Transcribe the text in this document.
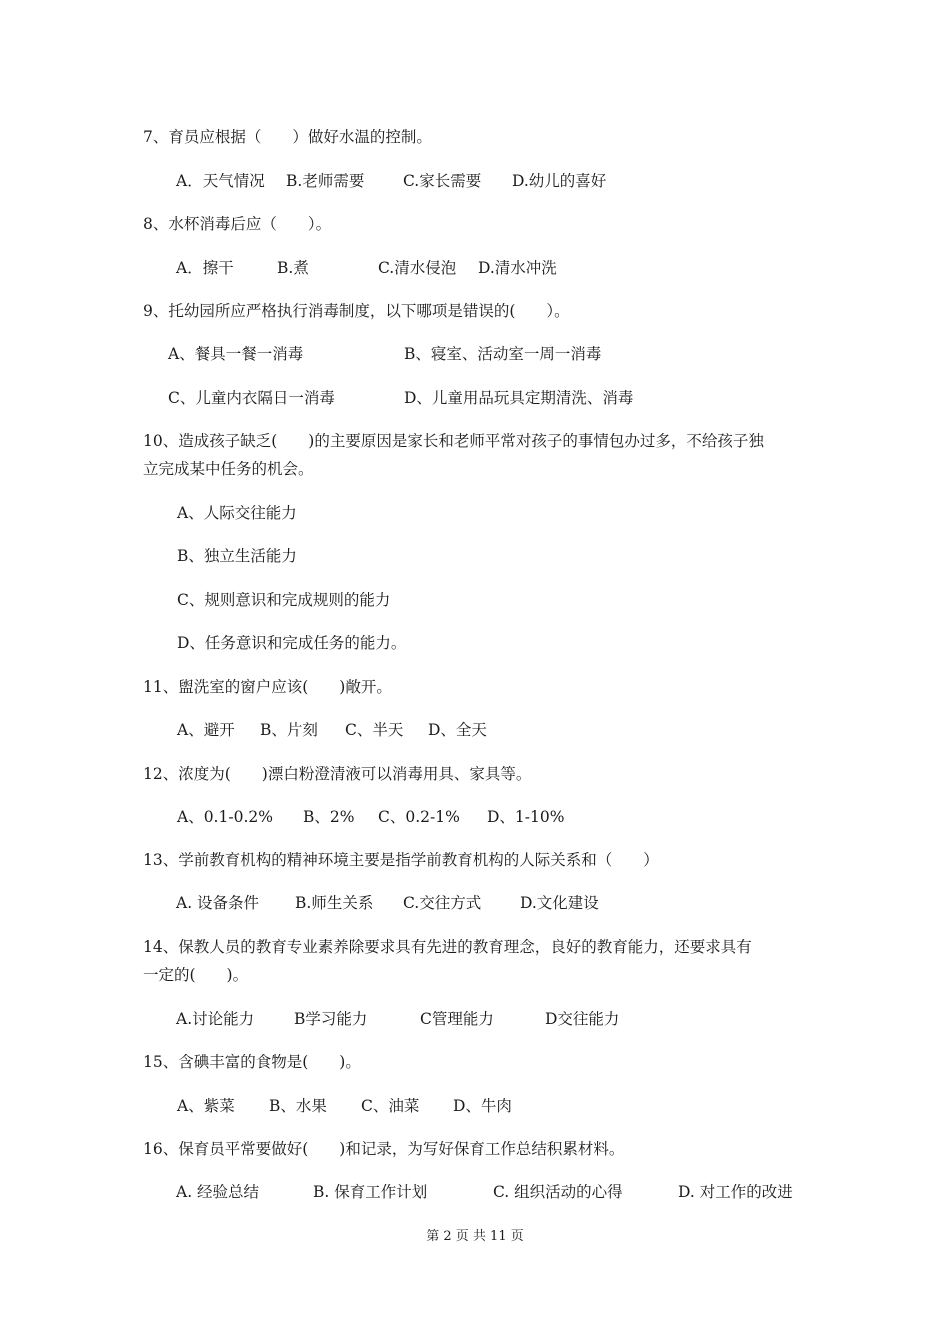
7、育员应根据（　　）做好水温的控制。
A．天气情况 B.老师需要 C.家长需要 D.幼儿的喜好
8、水杯消毒后应（　　）。
A．擦干	B.煮	C.清水侵泡 D.清水冲洗
9、托幼园所应严格执行消毒制度，以下哪项是错误的(　　）。
A、餐具一餐一消毒	B、寝室、活动室一周一消毒
C、儿童内衣隔日一消毒	D、儿童用品玩具定期清洗、消毒
10、造成孩子缺乏(　　)的主要原因是家长和老师平常对孩子的事情包办过多，不给孩子独
立完成某中任务的机会。
A、人际交往能力
B、独立生活能力
C、规则意识和完成规则的能力
D、任务意识和完成任务的能力。
11、盥洗室的窗户应该(　　)敞开。
A、避开 B、片刻 C、半天 D、全天
12、浓度为(　　)漂白粉澄清液可以消毒用具、家具等。
A、0.1-0.2% B、2% C、0.2-1% D、1-10%
13、学前教育机构的精神环境主要是指学前教育机构的人际关系和（　　）
A. 设备条件 B.师生关系 C.交往方式	D.文化建设
14、保教人员的教育专业素养除要求具有先进的教育理念，良好的教育能力，还要求具有
一定的(　　)。
A.讨论能力	B学习能力	C管理能力	D交往能力
15、含碘丰富的食物是(　　)。
A、紫菜 B、水果 C、油菜 D、牛肉
16、保育员平常要做好(　　)和记录，为写好保育工作总结积累材料。
A. 经验总结	B. 保育工作计划	C. 组织活动的心得	D. 对工作的改进
第 2 页 共 11 页
